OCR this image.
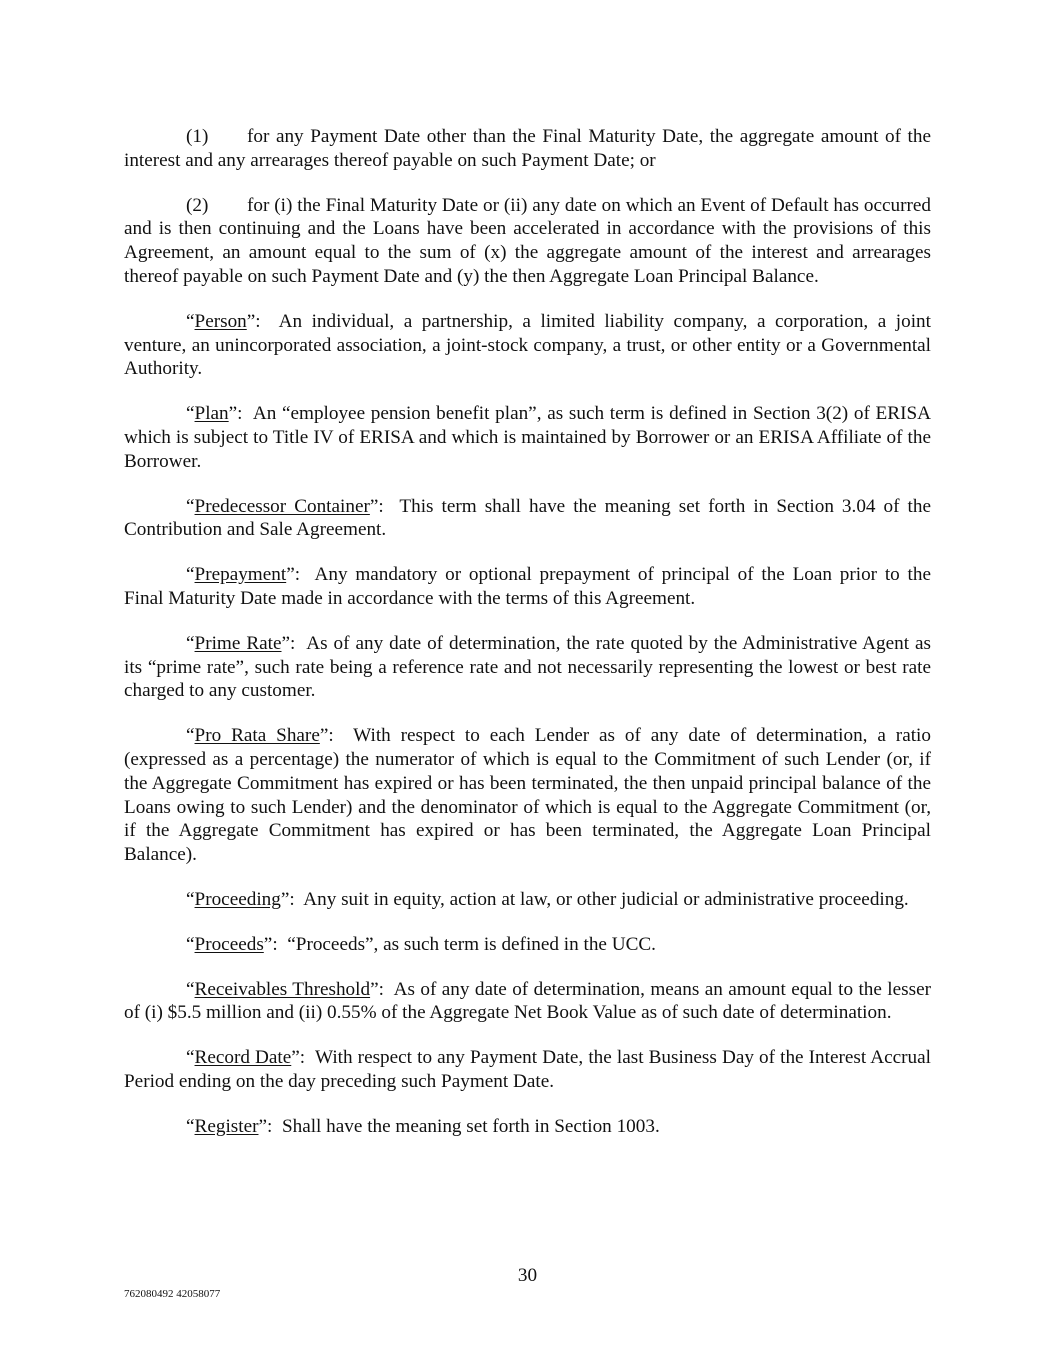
(1) for any Payment Date other than the Final Maturity Date, the aggregate amount of the interest and any arrearages thereof payable on such Payment Date; or

(2) for (i) the Final Maturity Date or (ii) any date on which an Event of Default has occurred and is then continuing and the Loans have been accelerated in accordance with the provisions of this Agreement, an amount equal to the sum of (x) the aggregate amount of the interest and arrearages thereof payable on such Payment Date and (y) the then Aggregate Loan Principal Balance.

“Person”:  An individual, a partnership, a limited liability company, a corporation, a joint venture, an unincorporated association, a joint-stock company, a trust, or other entity or a Governmental Authority.

“Plan”:  An “employee pension benefit plan”, as such term is defined in Section 3(2) of ERISA which is subject to Title IV of ERISA and which is maintained by Borrower or an ERISA Affiliate of the Borrower.

“Predecessor Container”:  This term shall have the meaning set forth in Section 3.04 of the Contribution and Sale Agreement.

“Prepayment”:  Any mandatory or optional prepayment of principal of the Loan prior to the Final Maturity Date made in accordance with the terms of this Agreement.

“Prime Rate”:  As of any date of determination, the rate quoted by the Administrative Agent as its “prime rate”, such rate being a reference rate and not necessarily representing the lowest or best rate charged to any customer.

“Pro Rata Share”:  With respect to each Lender as of any date of determination, a ratio (expressed as a percentage) the numerator of which is equal to the Commitment of such Lender (or, if the Aggregate Commitment has expired or has been terminated, the then unpaid principal balance of the Loans owing to such Lender) and the denominator of which is equal to the Aggregate Commitment (or, if the Aggregate Commitment has expired or has been terminated, the Aggregate Loan Principal Balance).

“Proceeding”:  Any suit in equity, action at law, or other judicial or administrative proceeding.

“Proceeds”:  “Proceeds”, as such term is defined in the UCC.

“Receivables Threshold”:  As of any date of determination, means an amount equal to the lesser of (i) $5.5 million and (ii) 0.55% of the Aggregate Net Book Value as of such date of determination.

“Record Date”:  With respect to any Payment Date, the last Business Day of the Interest Accrual Period ending on the day preceding such Payment Date.

“Register”:  Shall have the meaning set forth in Section 1003.

30
762080492 42058077
